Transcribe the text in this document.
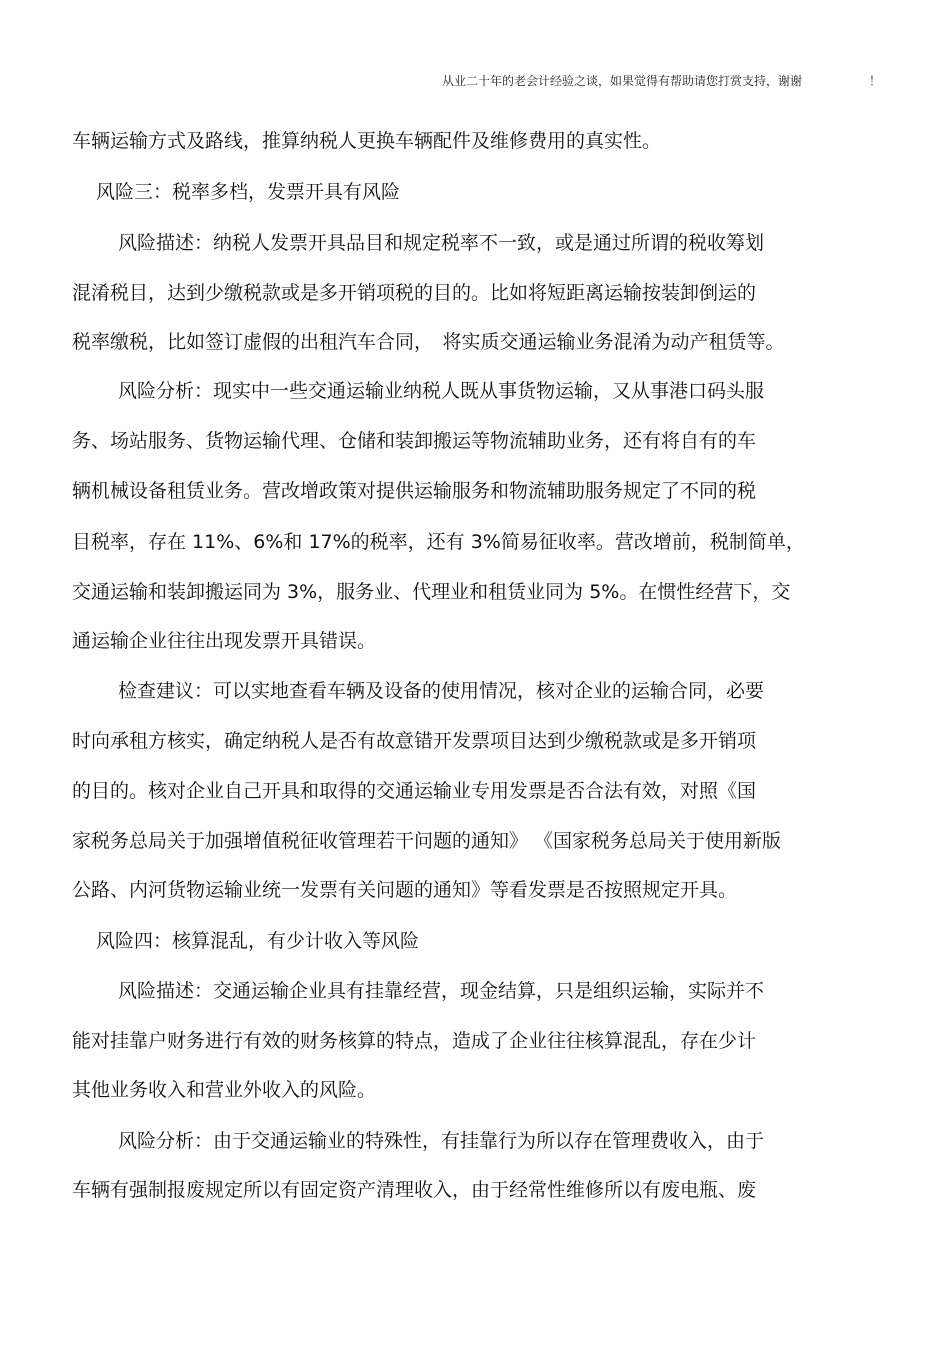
从业二十年的老会计经验之谈，如果觉得有帮助请您打赏支持，谢谢	！
车辆运输方式及路线，推算纳税人更换车辆配件及维修费用的真实性。
风险三：税率多档，发票开具有风险
风险描述：纳税人发票开具品目和规定税率不一致，或是通过所谓的税收筹划
混淆税目，达到少缴税款或是多开销项税的目的。比如将短距离运输按装卸倒运的
税率缴税，比如签订虚假的出租汽车合同，　将实质交通运输业务混淆为动产租赁等。
风险分析：现实中一些交通运输业纳税人既从事货物运输，又从事港口码头服
务、场站服务、货物运输代理、仓储和装卸搬运等物流辅助业务，还有将自有的车
辆机械设备租赁业务。营改增政策对提供运输服务和物流辅助服务规定了不同的税
目税率，存在 11%、6%和 17%的税率，还有 3%简易征收率。营改增前，税制简单，
交通运输和装卸搬运同为 3%，服务业、代理业和租赁业同为 5%。在惯性经营下，交
通运输企业往往出现发票开具错误。
检查建议：可以实地查看车辆及设备的使用情况，核对企业的运输合同，必要
时向承租方核实，确定纳税人是否有故意错开发票项目达到少缴税款或是多开销项
的目的。核对企业自己开具和取得的交通运输业专用发票是否合法有效，对照《国
家税务总局关于加强增值税征收管理若干问题的通知》 《国家税务总局关于使用新版
公路、内河货物运输业统一发票有关问题的通知》等看发票是否按照规定开具。
风险四：核算混乱，有少计收入等风险
风险描述：交通运输企业具有挂靠经营，现金结算，只是组织运输，实际并不
能对挂靠户财务进行有效的财务核算的特点，造成了企业往往核算混乱，存在少计
其他业务收入和营业外收入的风险。
风险分析：由于交通运输业的特殊性，有挂靠行为所以存在管理费收入，由于
车辆有强制报废规定所以有固定资产清理收入，由于经常性维修所以有废电瓶、废
